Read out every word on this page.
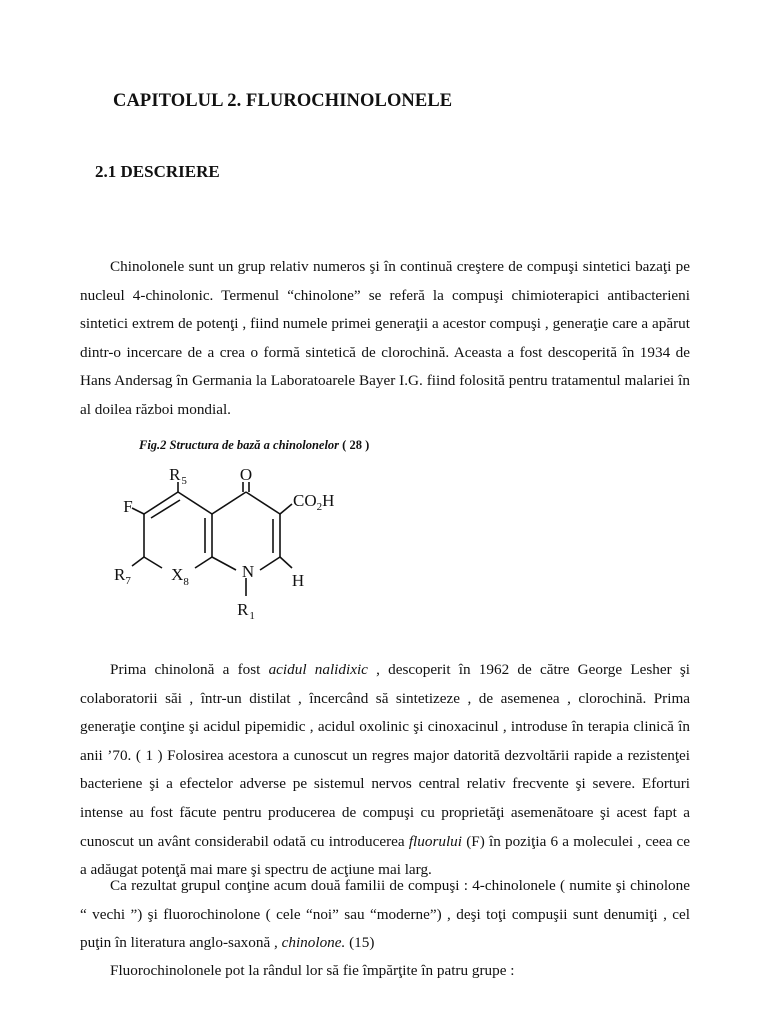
CAPITOLUL 2. FLUROCHINOLONELE
2.1 DESCRIERE

Chinolonele sunt un grup relativ numeros şi în continuă creştere de compuşi sintetici bazaţi pe nucleul 4-chinolonic. Termenul “chinolone” se referă la compuşi chimioterapici antibacterieni sintetici extrem de potenţi , fiind numele primei generaţii a acestor compuşi , generaţie care a apărut dintr-o incercare de a crea o formă sintetică de clorochină. Aceasta a fost descoperită în 1934 de Hans Andersag în Germania la Laboratoarele Bayer I.G. fiind folosită pentru tratamentul malariei în al doilea război mondial.

Fig.2 Structura de bază a chinolonelor ( 28 )

$R_5$	O
F	$CO_2H$
$R_7$ $X_8$
N H
$R_1$

Prima chinolonă a fost acidul nalidixic , descoperit în 1962 de către George Lesher şi colaboratorii săi , într-un distilat , încercând să sintetizeze , de asemenea , clorochină. Prima generaţie conţine şi acidul pipemidic , acidul oxolinic şi cinoxacinul , introduse în terapia clinică în anii ’70. ( 1 ) Folosirea acestora a cunoscut un regres major datorită dezvoltării rapide a rezistenţei bacteriene şi a efectelor adverse pe sistemul nervos central relativ frecvente şi severe. Eforturi intense au fost făcute pentru producerea de compuşi cu proprietăţi asemenătoare şi acest fapt a cunoscut un avânt considerabil odată cu introducerea fluorului (F) în poziţia 6 a moleculei , ceea ce a adăugat potenţă mai mare şi spectru de acţiune mai larg.

Ca rezultat grupul conţine acum două familii de compuşi : 4-chinolonele ( numite şi chinolone “ vechi ”) şi fluorochinolone ( cele “noi” sau “moderne”) , deşi toţi compuşii sunt denumiţi , cel puţin în literatura anglo-saxonă , chinolone. (15)

Fluorochinolonele pot la rândul lor să fie împărţite în patru grupe :
